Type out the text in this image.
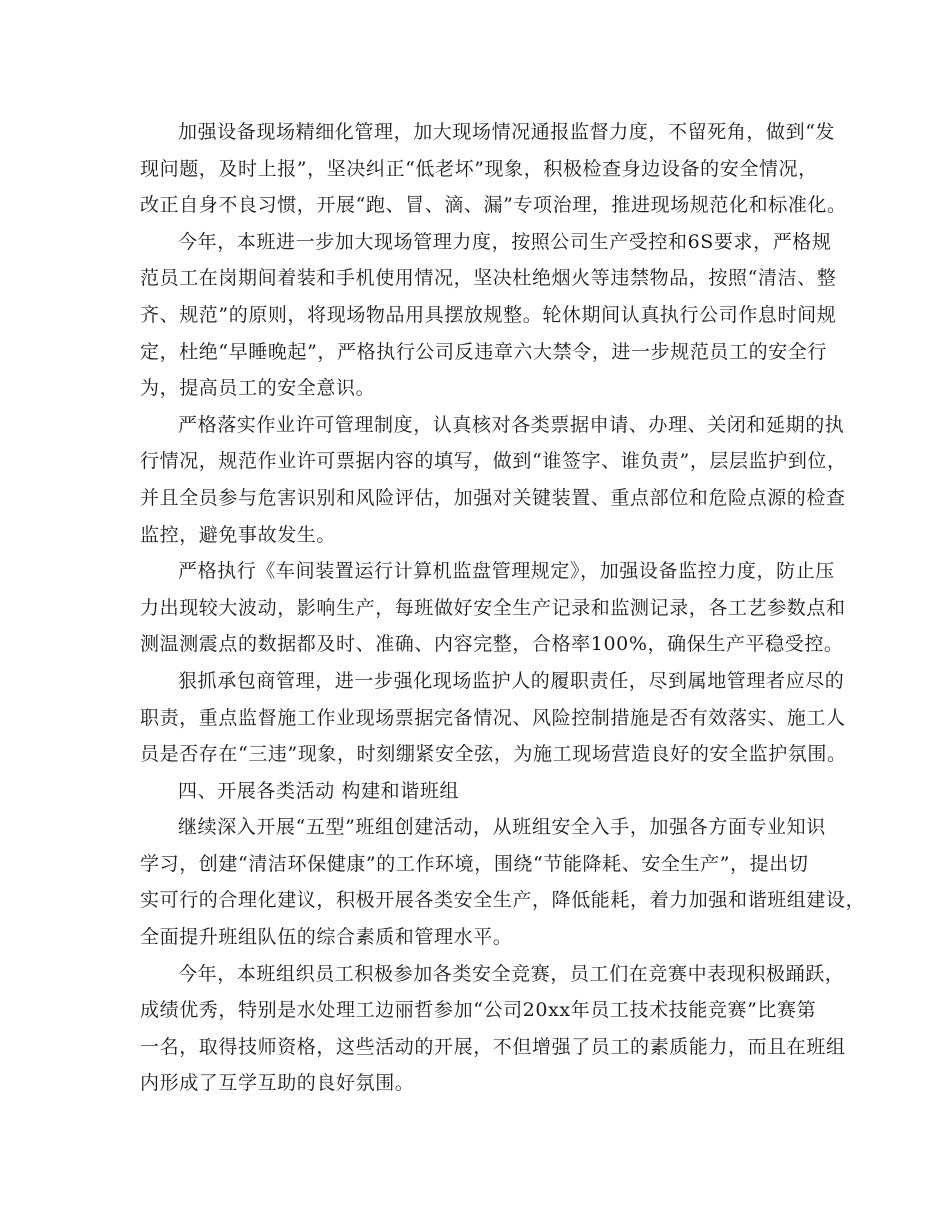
加强设备现场精细化管理，加大现场情况通报监督力度，不留死角，做到“发
现问题，及时上报”，坚决纠正“低老坏”现象，积极检查身边设备的安全情况，
改正自身不良习惯，开展“跑、冒、滴、漏”专项治理，推进现场规范化和标准化。
今年，本班进一步加大现场管理力度，按照公司生产受控和6S要求，严格规
范员工在岗期间着装和手机使用情况，坚决杜绝烟火等违禁物品，按照“清洁、整
齐、规范”的原则，将现场物品用具摆放规整。轮休期间认真执行公司作息时间规
定，杜绝“早睡晚起”，严格执行公司反违章六大禁令，进一步规范员工的安全行
为，提高员工的安全意识。
严格落实作业许可管理制度，认真核对各类票据申请、办理、关闭和延期的执
行情况，规范作业许可票据内容的填写，做到“谁签字、谁负责”，层层监护到位，
并且全员参与危害识别和风险评估，加强对关键装置、重点部位和危险点源的检查
监控，避免事故发生。
严格执行《车间装置运行计算机监盘管理规定》，加强设备监控力度，防止压
力出现较大波动，影响生产，每班做好安全生产记录和监测记录，各工艺参数点和
测温测震点的数据都及时、准确、内容完整，合格率100%，确保生产平稳受控。
狠抓承包商管理，进一步强化现场监护人的履职责任，尽到属地管理者应尽的
职责，重点监督施工作业现场票据完备情况、风险控制措施是否有效落实、施工人
员是否存在“三违”现象，时刻绷紧安全弦，为施工现场营造良好的安全监护氛围。
四、开展各类活动 构建和谐班组
继续深入开展“五型”班组创建活动，从班组安全入手，加强各方面专业知识
学习，创建“清洁环保健康”的工作环境，围绕“节能降耗、安全生产”，提出切
实可行的合理化建议，积极开展各类安全生产，降低能耗，着力加强和谐班组建设，
全面提升班组队伍的综合素质和管理水平。
今年，本班组织员工积极参加各类安全竞赛，员工们在竞赛中表现积极踊跃，
成绩优秀，特别是水处理工边丽哲参加“公司20xx年员工技术技能竞赛”比赛第
一名，取得技师资格，这些活动的开展，不但增强了员工的素质能力，而且在班组
内形成了互学互助的良好氛围。
